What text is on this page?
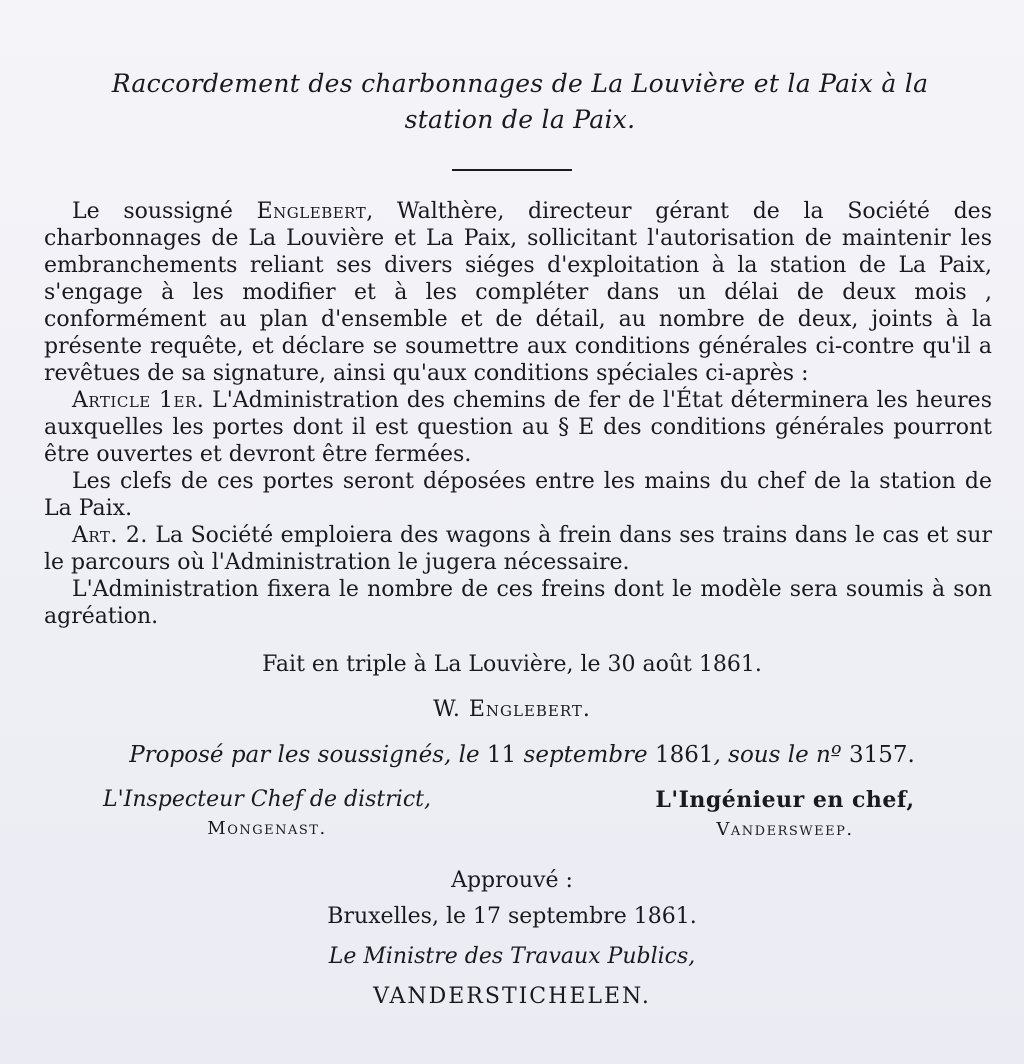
Raccordement des charbonnages de La Louvière et la Paix à la station de la Paix.

Le soussigné Englebert, Walthère, directeur gérant de la Société des charbonnages de La Louvière et La Paix, sollicitant l'autorisation de maintenir les embranchements reliant ses divers siéges d'exploitation à la station de La Paix, s'engage à les modifier et à les compléter dans un délai de deux mois , conformément au plan d'ensemble et de détail, au nombre de deux, joints à la présente requête, et déclare se soumettre aux conditions générales ci-contre qu'il a revêtues de sa signature, ainsi qu'aux conditions spéciales ci-après :

Article 1er. L'Administration des chemins de fer de l'État déterminera les heures auxquelles les portes dont il est question au § E des conditions générales pourront être ouvertes et devront être fermées.

Les clefs de ces portes seront déposées entre les mains du chef de la station de La Paix.

Art. 2. La Société emploiera des wagons à frein dans ses trains dans le cas et sur le parcours où l'Administration le jugera nécessaire.

L'Administration fixera le nombre de ces freins dont le modèle sera soumis à son agréation.

Fait en triple à La Louvière, le 30 août 1861.
W. Englebert.
Proposé par les soussignés, le 11 septembre 1861, sous le nº 3157.
L'Inspecteur Chef de district,
Mongenast.
L'Ingénieur en chef,
Vandersweep.
Approuvé :
Bruxelles, le 17 septembre 1861.
Le Ministre des Travaux Publics,
VANDERSTICHELEN.
